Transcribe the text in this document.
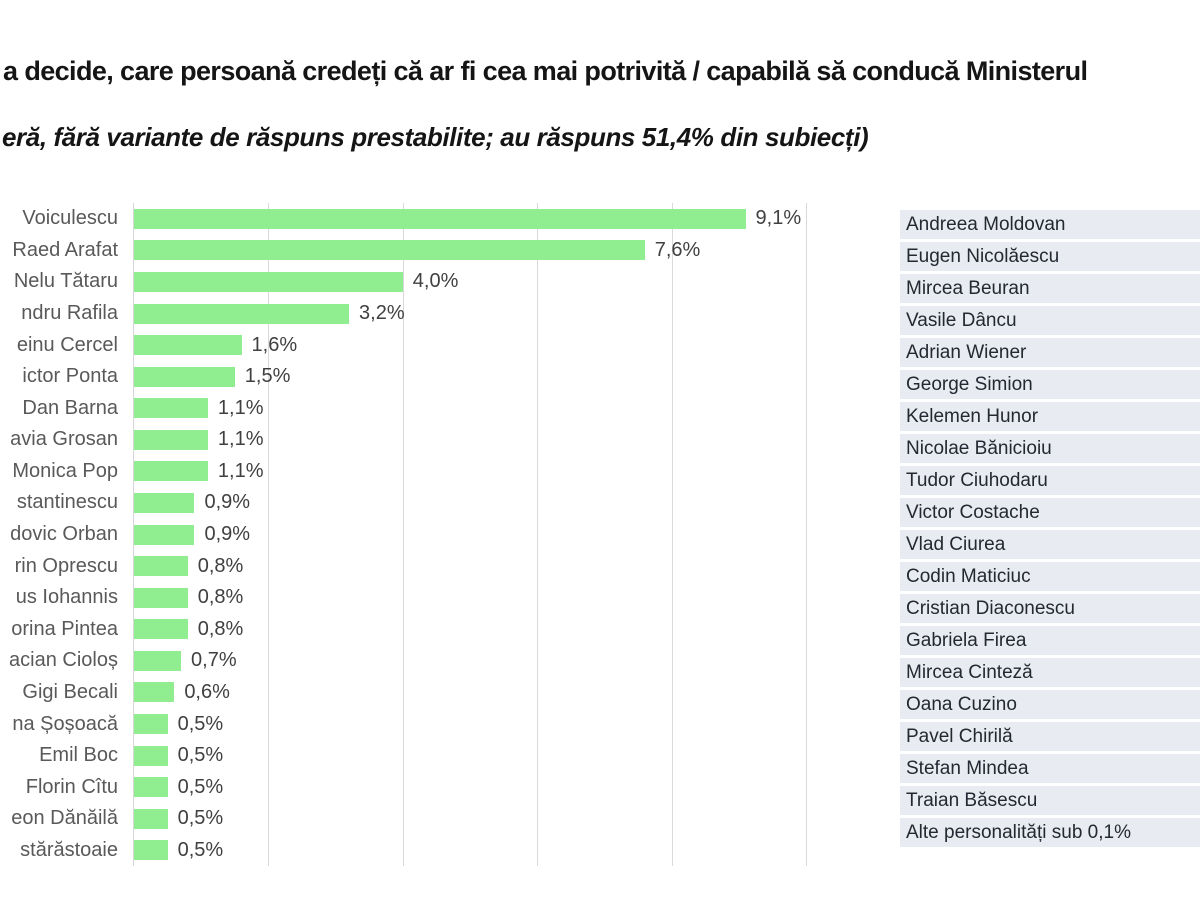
a decide, care persoană credeți că ar fi cea mai potrivită / capabilă să conducă Ministerul
eră, fără variante de răspuns prestabilite; au răspuns 51,4% din subiecți)
Voiculescu
Raed Arafat
Nelu Tătaru
ndru Rafila
einu Cercel
ictor Ponta
Dan Barna
avia Grosan
Monica Pop
stantinescu
dovic Orban
rin Oprescu
us Iohannis
orina Pintea
acian Cioloș
Gigi Becali
na Șoșoacă
Emil Boc
Florin Cîtu
eon Dănăilă
stărăstoaie
9,1%
7,6%
4,0%
3,2%
1,6%
1,5%
1,1%
1,1%
1,1%
0,9%
0,9%
0,8%
0,8%
0,8%
0,7%
0,6%
0,5%
0,5%
0,5%
0,5%
0,5%
Andreea Moldovan
Eugen Nicolăescu
Mircea Beuran
Vasile Dâncu
Adrian Wiener
George Simion
Kelemen Hunor
Nicolae Bănicioiu
Tudor Ciuhodaru
Victor Costache
Vlad Ciurea
Codin Maticiuc
Cristian Diaconescu
Gabriela Firea
Mircea Cinteză
Oana Cuzino
Pavel Chirilă
Stefan Mindea
Traian Băsescu
Alte personalități sub 0,1%
